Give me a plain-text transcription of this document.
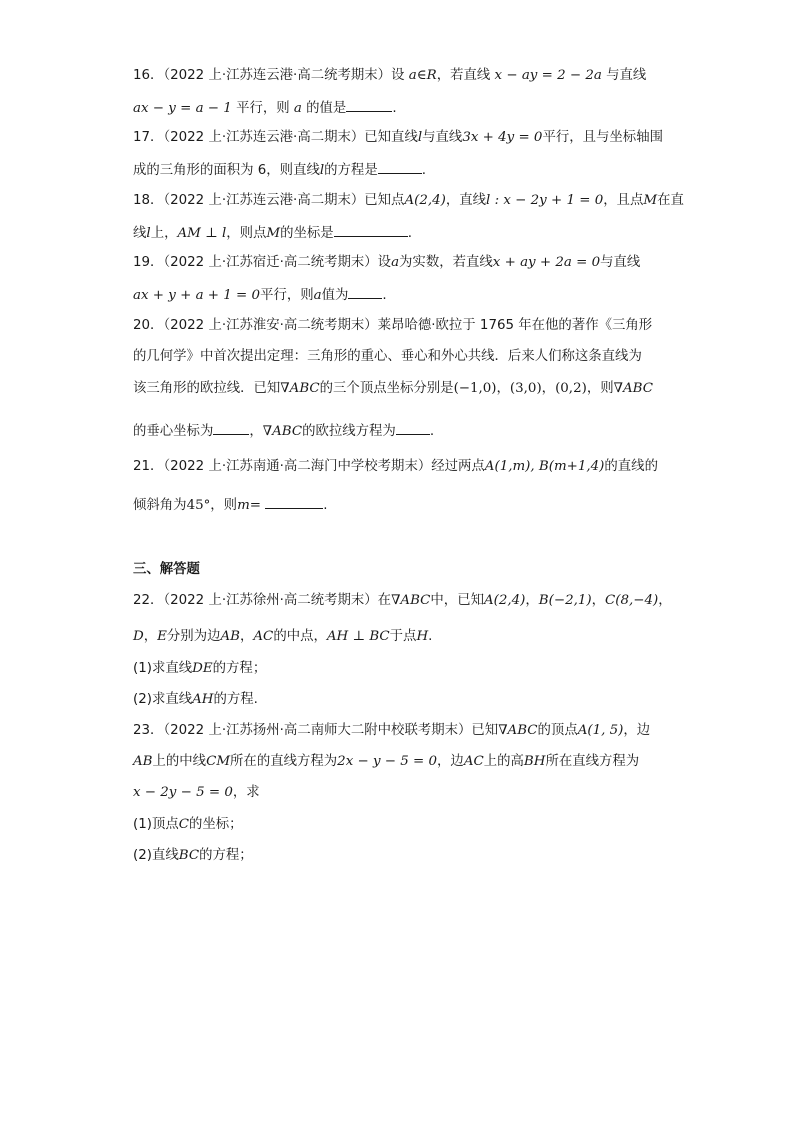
16．（2022 上·江苏连云港·高二统考期末）设 a∈R，若直线 x − ay = 2 − 2a 与直线
ax − y = a − 1 平行，则 a 的值是	.
17．（2022 上·江苏连云港·高二期末）已知直线l与直线3x + 4y = 0平行，且与坐标轴围
成的三角形的面积为 6，则直线l的方程是	.
18．（2022 上·江苏连云港·高二期末）已知点A(2,4)，直线l : x − 2y + 1 = 0，且点M在直
线l上，AM ⊥ l，则点M的坐标是	.
19．（2022 上·江苏宿迁·高二统考期末）设a为实数，若直线x + ay + 2a = 0与直线
ax + y + a + 1 = 0平行，则a值为	.
20．（2022 上·江苏淮安·高二统考期末）莱昂哈德·欧拉于 1765 年在他的著作《三角形
的几何学》中首次提出定理：三角形的重心、垂心和外心共线．后来人们称这条直线为
该三角形的欧拉线．已知∇ABC的三个顶点坐标分别是(−1,0)，(3,0)，(0,2)，则∇ABC
的垂心坐标为	，∇ABC的欧拉线方程为	.
21．（2022 上·江苏南通·高二海门中学校考期末）经过两点A(1,m), B(m+1,4)的直线的
倾斜角为45°，则m=	.
三、解答题
22．（2022 上·江苏徐州·高二统考期末）在∇ABC中，已知A(2,4)，B(−2,1)，C(8,−4)，
D，E分别为边AB，AC的中点，AH ⊥ BC于点H.
(1)求直线DE的方程；
(2)求直线AH的方程.
23．（2022 上·江苏扬州·高二南师大二附中校联考期末）已知∇ABC的顶点A(1, 5)，边
AB上的中线CM所在的直线方程为2x − y − 5 = 0，边AC上的高BH所在直线方程为
x − 2y − 5 = 0，求
(1)顶点C的坐标；
(2)直线BC的方程；
